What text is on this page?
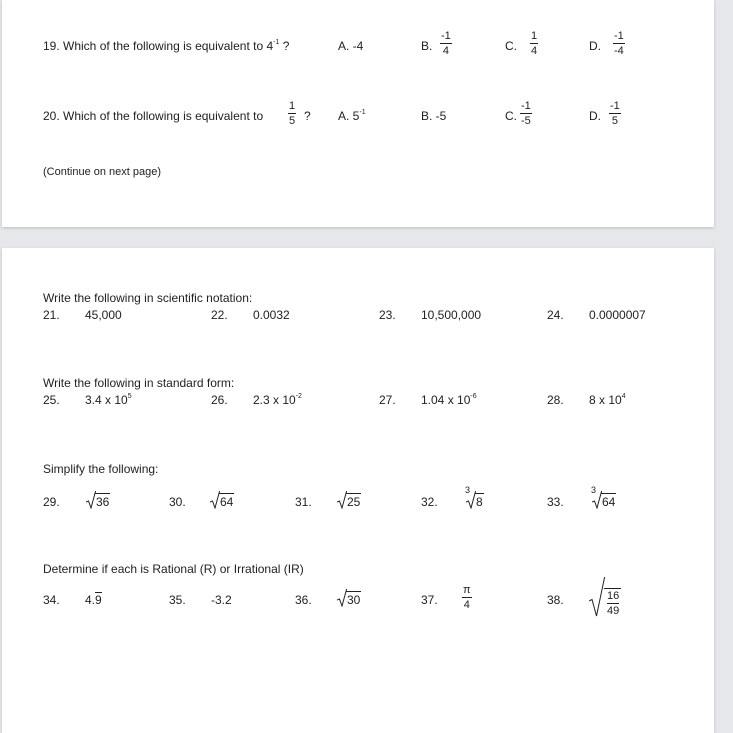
19. Which of the following is equivalent to $4^{-1}$ ?	A. -4	B.
-1
4	C.
1
4	D.
-1
-4
20. Which of the following is equivalent to
1
5 ? A. $5^{-1}$	B. -5	C.
-1
-5	D.
-1
5
(Continue on next page)
Write the following in scientific notation:
21. 45,000	22. 0.0032	23. 10,500,000	24. 0.0000007
Write the following in standard form:
25. 3.4 x $10^5$	26. 2.3 x $10^{-2}$	27. 1.04 x $10^{-6}$	28. 8 x $10^4$
Simplify the following:
29.	36	30.	64	31.	25	32.
3
8	33.
3
64
Determine if each is Rational (R) or Irrational (IR)
34. 4.9	35. -3.2	36.	30	37.
π
4	38.	16
49
